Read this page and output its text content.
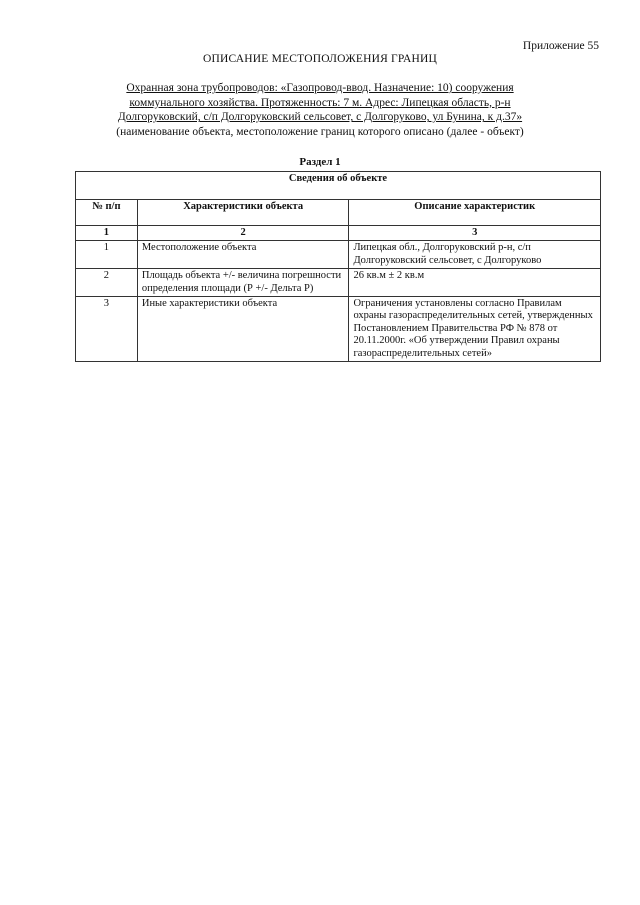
Приложение 55
ОПИСАНИЕ МЕСТОПОЛОЖЕНИЯ ГРАНИЦ
Охранная зона трубопроводов: «Газопровод-ввод. Назначение: 10) сооружения коммунального хозяйства. Протяженность: 7 м. Адрес: Липецкая область, р-н Долгоруковский, с/п Долгоруковский сельсовет, с Долгоруково, ул Бунина, к д.37»
(наименование объекта, местоположение границ которого описано (далее - объект)
Раздел 1
Сведения об объекте		
№ п/п	Характеристики объекта	Описание характеристик
1	2	3
1	Местоположение объекта	Липецкая обл., Долгоруковский р-н, с/п Долгоруковский сельсовет, с Долгоруково
2	Площадь объекта +/- величина погрешности определения площади (Р +/- Дельта Р)	26 кв.м ± 2 кв.м
3	Иные характеристики объекта	Ограничения установлены согласно Правилам охраны газораспределительных сетей, утвержденных Постановлением Правительства РФ № 878 от 20.11.2000г. «Об утверждении Правил охраны газораспределительных сетей»
